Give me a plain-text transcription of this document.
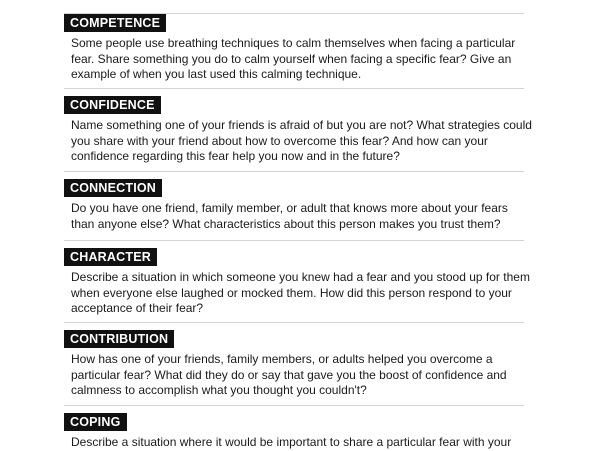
COMPETENCE
Some people use breathing techniques to calm themselves when facing a particular fear. Share something you do to calm yourself when facing a specific fear? Give an example of when you last used this calming technique.
CONFIDENCE
Name something one of your friends is afraid of but you are not? What strategies could you share with your friend about how to overcome this fear? And how can your confidence regarding this fear help you now and in the future?
CONNECTION
Do you have one friend, family member, or adult that knows more about your fears than anyone else? What characteristics about this person makes you trust them?
CHARACTER
Describe a situation in which someone you knew had a fear and you stood up for them when everyone else laughed or mocked them. How did this person respond to your acceptance of their fear?
CONTRIBUTION
How has one of your friends, family members, or adults helped you overcome a particular fear? What did they do or say that gave you the boost of confidence and calmness to accomplish what you thought you couldn't?
COPING
Describe a situation where it would be important to share a particular fear with your
